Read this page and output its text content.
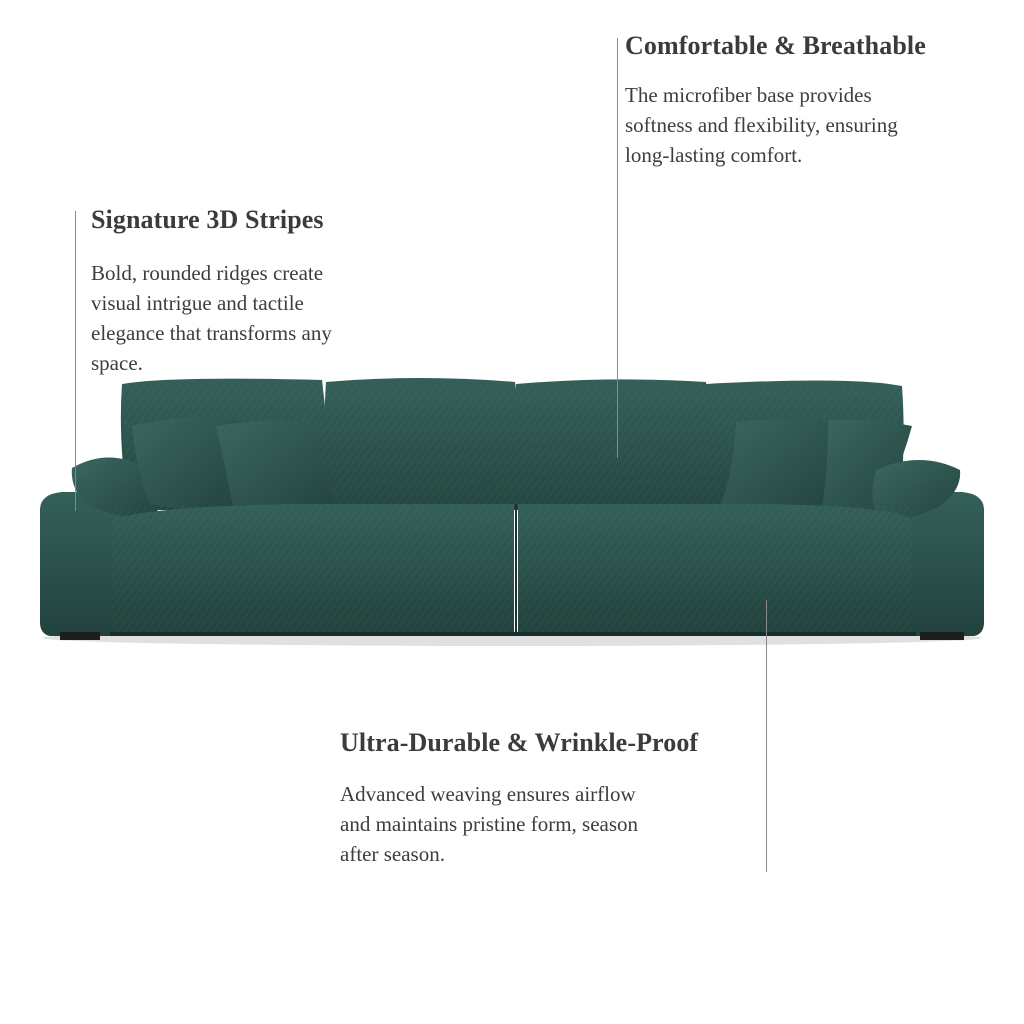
Signature 3D Stripes

Bold, rounded ridges create
visual intrigue and tactile
elegance that transforms any
space.

Comfortable & Breathable

The microfiber base provides
softness and flexibility, ensuring
long-lasting comfort.

Ultra-Durable & Wrinkle-Proof

Advanced weaving ensures airflow
and maintains pristine form, season
after season.
